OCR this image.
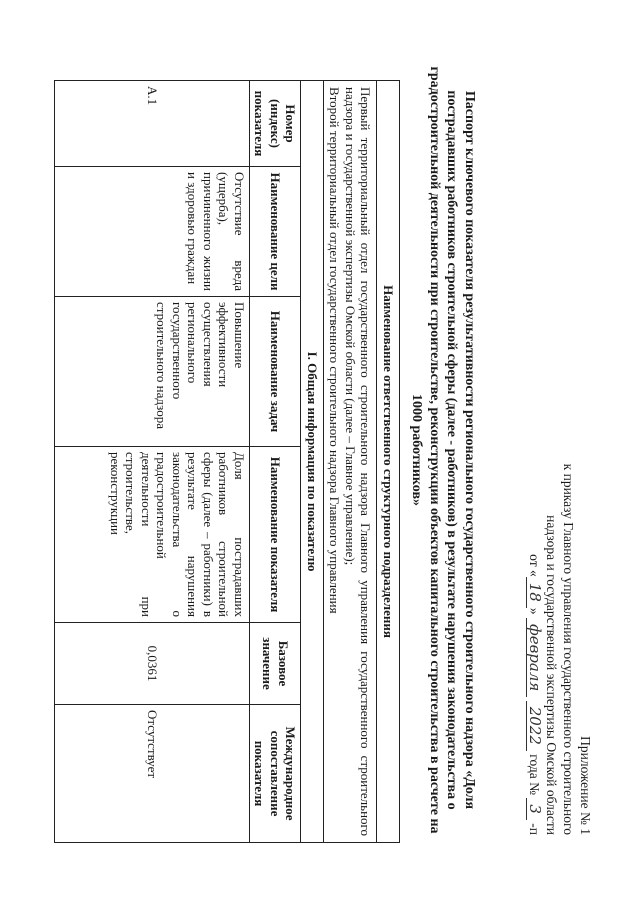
Приложение № 1
к приказу Главного управления государственного строительного
надзора и государственной экспертизы Омской области
от «18» февраля 2022 года № 3 -п
Паспорт ключевого показателя результативности регионального государственного строительного надзора «Доля пострадавших работников строительной сферы (далее - работников) в результате нарушения законодательства о градостроительной деятельности при строительстве, реконструкции объектов капитального строительства в расчете на 1000 работников»
Наименование ответственного структурного подразделения					

Первый территориальный отдел государственного строительного надзора Главного управления государственного строительного надзора и государственной экспертизы Омской области (далее – Главное управление);

Второй территориальный отдел государственного строительного надзора Главного управления					

I. Общая информация по показателю					
Номер (индекс) показателя	Наименование цели	Наименование задач	Наименование показателя	Базовое значение	Международное сопоставление показателя
А.1	Отсутствие вреда (ущерба), причиненного жизни и здоровью граждан	Повышение эффективности осуществления регионального государственного строительного надзора	Доля пострадавших работников строительной сферы (далее – работники) в результате нарушения законодательства о градостроительной деятельности при строительстве, реконструкции	0,0361	Отсутствует
